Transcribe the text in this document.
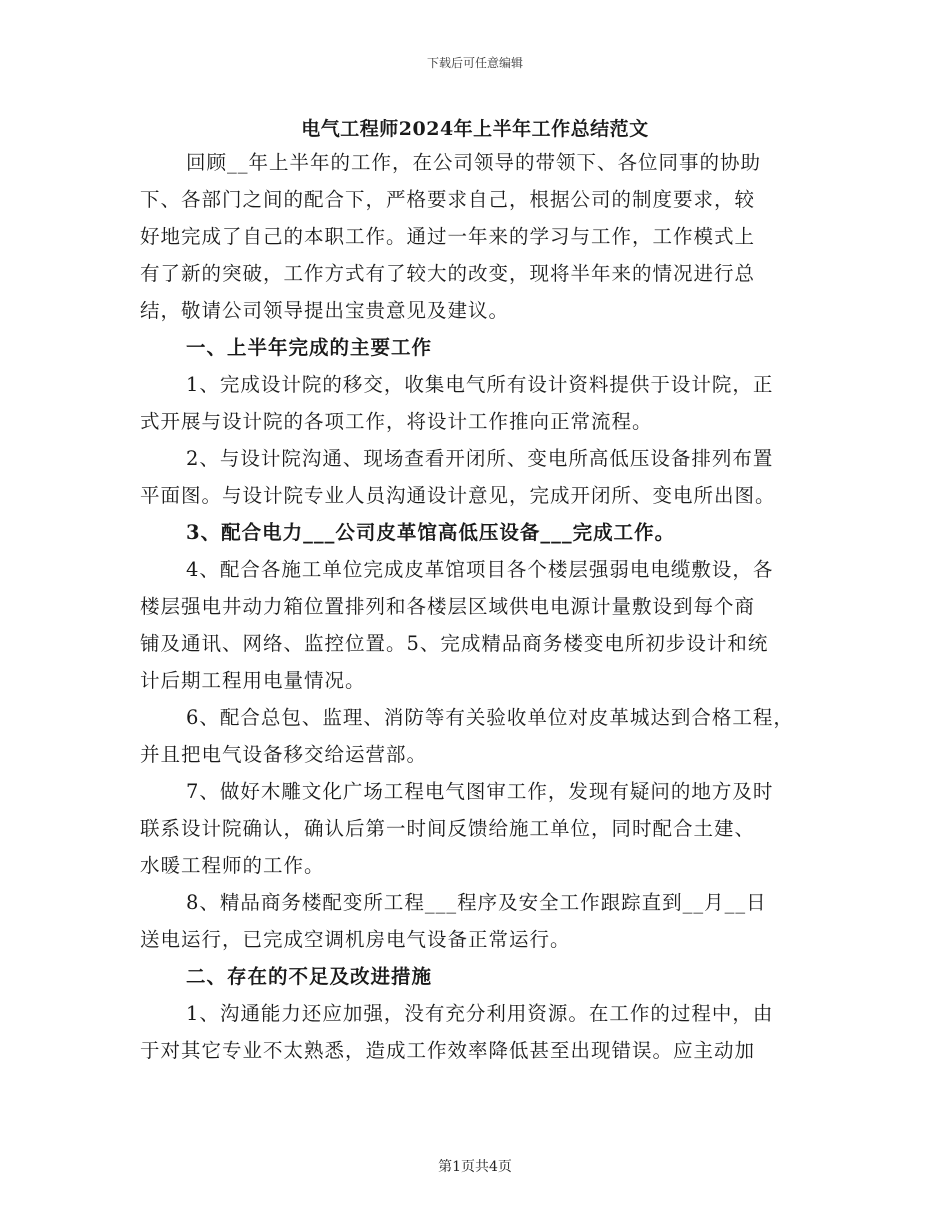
下载后可任意编辑
电气工程师2024年上半年工作总结范文
回顾__年上半年的工作，在公司领导的带领下、各位同事的协助
下、各部门之间的配合下，严格要求自己，根据公司的制度要求，较
好地完成了自己的本职工作。通过一年来的学习与工作，工作模式上
有了新的突破，工作方式有了较大的改变，现将半年来的情况进行总
结，敬请公司领导提出宝贵意见及建议。
一、上半年完成的主要工作
1、完成设计院的移交，收集电气所有设计资料提供于设计院，正
式开展与设计院的各项工作，将设计工作推向正常流程。
2、与设计院沟通、现场查看开闭所、变电所高低压设备排列布置
平面图。与设计院专业人员沟通设计意见，完成开闭所、变电所出图。
3、配合电力___公司皮革馆高低压设备___完成工作。
4、配合各施工单位完成皮革馆项目各个楼层强弱电电缆敷设，各
楼层强电井动力箱位置排列和各楼层区域供电电源计量敷设到每个商
铺及通讯、网络、监控位置。5、完成精品商务楼变电所初步设计和统
计后期工程用电量情况。
6、配合总包、监理、消防等有关验收单位对皮革城达到合格工程，
并且把电气设备移交给运营部。
7、做好木雕文化广场工程电气图审工作，发现有疑问的地方及时
联系设计院确认，确认后第一时间反馈给施工单位，同时配合土建、
水暖工程师的工作。
8、精品商务楼配变所工程___程序及安全工作跟踪直到__月__日
送电运行，已完成空调机房电气设备正常运行。
二、存在的不足及改进措施
1、沟通能力还应加强，没有充分利用资源。在工作的过程中，由
于对其它专业不太熟悉，造成工作效率降低甚至出现错误。应主动加
第1页共4页
